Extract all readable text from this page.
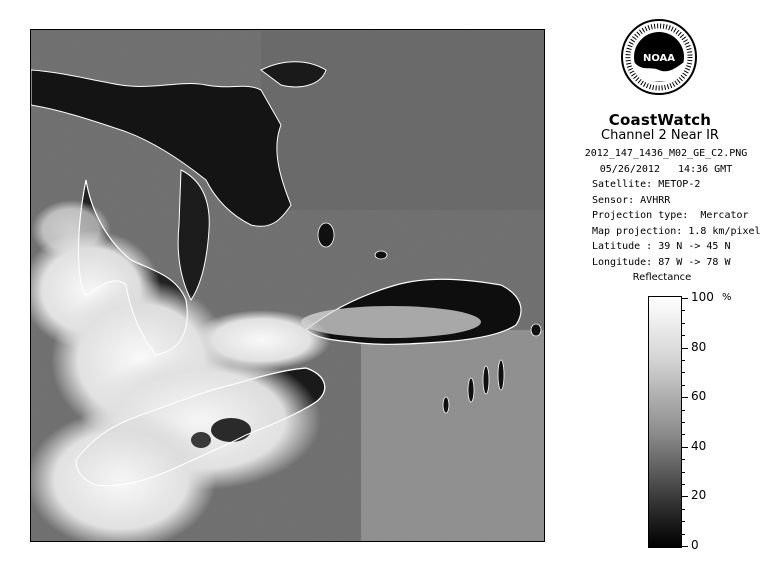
NOAA
CoastWatch
Channel 2 Near IR
2012_147_1436_M02_GE_C2.PNG
05/26/2012   14:36 GMT
Satellite: METOP-2
Sensor: AVHRR
Projection type:  Mercator
Map projection: 1.8 km/pixel
Latitude : 39 N -> 45 N
Longitude: 87 W -> 78 W
Reflectance
%
100
80
60
40
20
0
